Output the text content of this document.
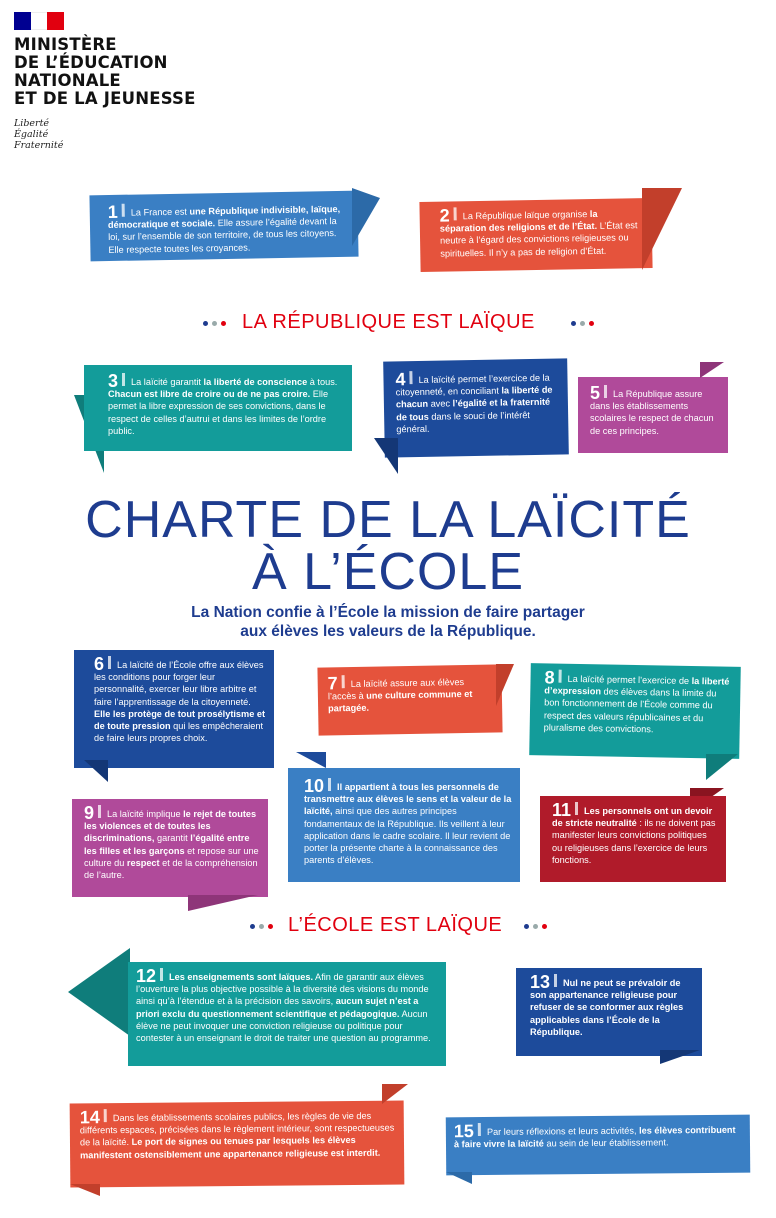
MINISTÈRE
DE L’ÉDUCATION
NATIONALE
ET DE LA JEUNESSE
Liberté
Égalité
Fraternité
1 La France est une République indivisible, laïque, démocratique et sociale. Elle assure l’égalité devant la loi, sur l’ensemble de son territoire, de tous les citoyens. Elle respecte toutes les croyances.
2 La République laïque organise la séparation des religions et de l’État. L’État est neutre à l’égard des convictions religieuses ou spirituelles. Il n’y a pas de religion d’État.
LA RÉPUBLIQUE EST LAÏQUE
3 La laïcité garantit la liberté de conscience à tous. Chacun est libre de croire ou de ne pas croire. Elle permet la libre expression de ses convictions, dans le respect de celles d’autrui et dans les limites de l’ordre public.
4 La laïcité permet l’exercice de la citoyenneté, en conciliant la liberté de chacun avec l’égalité et la fraternité de tous dans le souci de l’intérêt général.
5 La République assure dans les établissements scolaires le respect de chacun de ces principes.
CHARTE DE LA LAÏCITÉ
À L’ÉCOLE
La Nation confie à l’École la mission de faire partager
aux élèves les valeurs de la République.
6 La laïcité de l’École offre aux élèves les conditions pour forger leur personnalité, exercer leur libre arbitre et faire l’apprentissage de la citoyenneté. Elle les protège de tout prosélytisme et de toute pression qui les empêcheraient de faire leurs propres choix.
7 La laïcité assure aux élèves l’accès à une culture commune et partagée.
8 La laïcité permet l’exercice de la liberté d’expression des élèves dans la limite du bon fonctionnement de l’École comme du respect des valeurs républicaines et du pluralisme des convictions.
10 Il appartient à tous les personnels de transmettre aux élèves le sens et la valeur de la laïcité, ainsi que des autres principes fondamentaux de la République. Ils veillent à leur application dans le cadre scolaire. Il leur revient de porter la présente charte à la connaissance des parents d’élèves.
9 La laïcité implique le rejet de toutes les violences et de toutes les discriminations, garantit l’égalité entre les filles et les garçons et repose sur une culture du respect et de la compréhension de l’autre.
11 Les personnels ont un devoir de stricte neutralité : ils ne doivent pas manifester leurs convictions politiques ou religieuses dans l’exercice de leurs fonctions.
L’ÉCOLE EST LAÏQUE
12 Les enseignements sont laïques. Afin de garantir aux élèves l’ouverture la plus objective possible à la diversité des visions du monde ainsi qu’à l’étendue et à la précision des savoirs, aucun sujet n’est a priori exclu du questionnement scientifique et pédagogique. Aucun élève ne peut invoquer une conviction religieuse ou politique pour contester à un enseignant le droit de traiter une question au programme.
13 Nul ne peut se prévaloir de son appartenance religieuse pour refuser de se conformer aux règles applicables dans l’École de la République.
14 Dans les établissements scolaires publics, les règles de vie des différents espaces, précisées dans le règlement intérieur, sont respectueuses de la laïcité. Le port de signes ou tenues par lesquels les élèves manifestent ostensiblement une appartenance religieuse est interdit.
15 Par leurs réflexions et leurs activités, les élèves contribuent à faire vivre la laïcité au sein de leur établissement.
